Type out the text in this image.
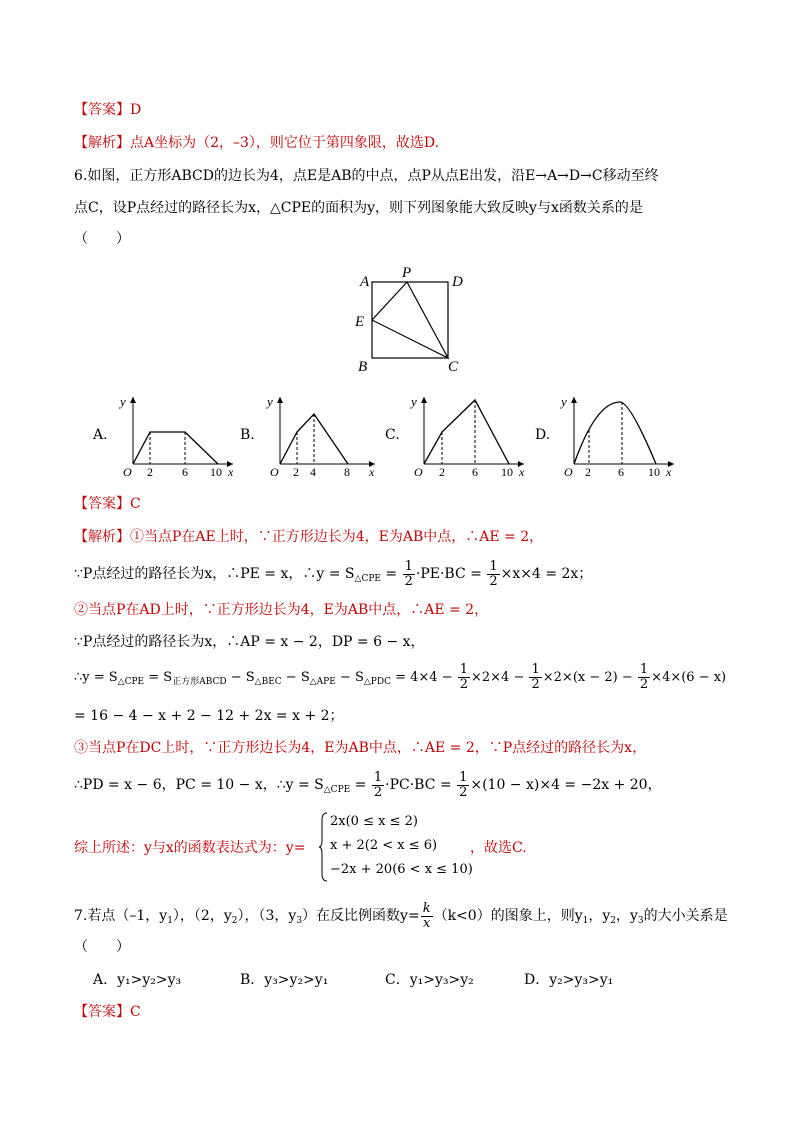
【答案】D
【解析】点A坐标为（2，–3），则它位于第四象限，故选D.
6.如图，正方形ABCD的边长为4，点E是AB的中点，点P从点E出发，沿E→A→D→C移动至终
点C，设P点经过的路径长为x，△CPE的面积为y，则下列图象能大致反映y与x函数关系的是
（　　）
A
P
D
E
B	C
A.
y
O 2 6 10 x
B.
y
O 2 4 8 x
C.
y
O 2 6 10 x
D.
y
O 2 6 10 x
【答案】C
【解析】①当点P在AE上时，∵正方形边长为4，E为AB中点，∴AE = 2，
∵P点经过的路径长为x，∴PE = x，∴y = $S_{\triangle CPE} = \frac{1}{2} \cdot PE\cdot BC = \frac{1}{2} \times x\times 4 = 2x$；
②当点P在AD上时，∵正方形边长为4，E为AB中点，∴AE = 2，
∵P点经过的路径长为x，∴AP = x − 2，DP = 6 − x，
∴y = $S_{\triangle CPE} = S_{正方形ABCD} - S_{\triangle BEC} - S_{\triangle APE} - S_{\triangle PDC} = 4\times 4 - \frac{1}{2} \times 2\times 4 - \frac{1}{2} \times 2\times(x - 2) - \frac{1}{2} \times 4\times(6 - x)$
= 16 − 4 − x + 2 − 12 + 2x = x + 2；
③当点P在DC上时，∵正方形边长为4，E为AB中点，∴AE = 2，∵P点经过的路径长为x，
∴PD = x − 6，PC = 10 − x，∴y = $S_{\triangle CPE} = \frac{1}{2} \cdot PC\cdot BC = \frac{1}{2} \times(10 - x)\times 4 = -2x + 20$，
综上所述：y与x的函数表达式为：y=
2x(0 ≤ x ≤ 2)
x + 2(2 < x ≤ 6)
−2x + 20(6 < x ≤ 10)
，故选C.
7.若点（–1，$y_1$），（2，$y_2$），（3，$y_3$）在反比例函数$y= \frac{k}{x} (k<0)$的图象上，则$y_1$，$y_2$，$y_3$的大小关系是
（　　）
A．y₁>y₂>y₃	B．y₃>y₂>y₁	C．y₁>y₃>y₂	D．y₂>y₃>y₁
【答案】C
